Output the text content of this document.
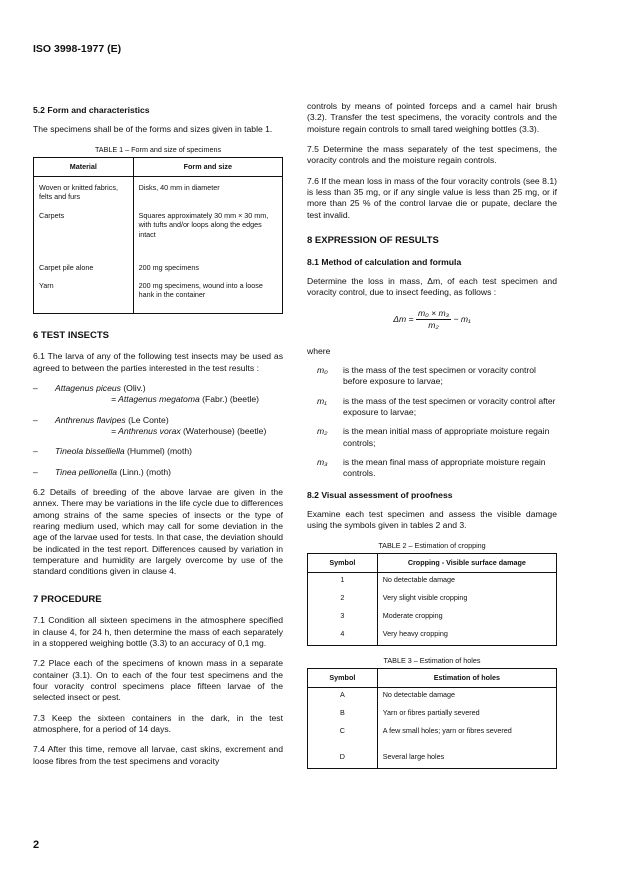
ISO 3998-1977 (E)
5.2 Form and characteristics

The specimens shall be of the forms and sizes given in table 1.

TABLE 1 – Form and size of specimens
Material	Form and size
Woven or knitted fabrics, felts and furs	Disks, 40 mm in diameter
Carpets	Squares approximately 30 mm × 30 mm, with tufts and/or loops along the edges intact
Carpet pile alone	200 mg specimens
Yarn	200 mg specimens, wound into a loose hank in the container
6 TEST INSECTS

6.1 The larva of any of the following test insects may be used as agreed to between the parties interested in the test results :

– Attagenus piceus (Oliv.)
= Attagenus megatoma (Fabr.) (beetle)
– Anthrenus flavipes (Le Conte)
= Anthrenus vorax (Waterhouse) (beetle)
– Tineola bisselliella (Hummel) (moth)
– Tinea pellionella (Linn.) (moth)

6.2 Details of breeding of the above larvae are given in the annex. There may be variations in the life cycle due to differences among strains of the same species of insects or the type of rearing medium used, which may call for some deviation in the age of the larvae used for tests. In that case, the deviation should be indicated in the test report. Differences caused by variation in temperature and humidity are largely overcome by use of the standard conditions given in clause 4.

7 PROCEDURE

7.1 Condition all sixteen specimens in the atmosphere specified in clause 4, for 24 h, then determine the mass of each separately in a stoppered weighing bottle (3.3) to an accuracy of 0,1 mg.

7.2 Place each of the specimens of known mass in a separate container (3.1). On to each of the four test specimens and the four voracity control specimens place fifteen larvae of the selected insect or pest.

7.3 Keep the sixteen containers in the dark, in the test atmosphere, for a period of 14 days.

7.4 After this time, remove all larvae, cast skins, excrement and loose fibres from the test specimens and voracity

controls by means of pointed forceps and a camel hair brush (3.2). Transfer the test specimens, the voracity controls and the moisture regain controls to small tared weighing bottles (3.3).

7.5 Determine the mass separately of the test specimens, the voracity controls and the moisture regain controls.

7.6 If the mean loss in mass of the four voracity controls (see 8.1) is less than 35 mg, or if any single value is less than 25 mg, or if more than 25 % of the control larvae die or pupate, declare the test invalid.

8 EXPRESSION OF RESULTS
8.1 Method of calculation and formula

Determine the loss in mass, Δm, of each test specimen and voracity control, due to insect feeding, as follows :

$\Delta m = \frac{\text{m₀ × m₃}}{\text{m₂}} - m_1$
where
m₀	is the mass of the test specimen or voracity control before exposure to larvae;
m₁	is the mass of the test specimen or voracity control after exposure to larvae;
m₂	is the mean initial mass of appropriate moisture regain controls;
m₃	is the mean final mass of appropriate moisture regain controls.
8.2 Visual assessment of proofness

Examine each test specimen and assess the visible damage using the symbols given in tables 2 and 3.

TABLE 2 – Estimation of cropping
Symbol	Cropping - Visible surface damage
1	No detectable damage
2	Very slight visible cropping
3	Moderate cropping
4	Very heavy cropping
TABLE 3 – Estimation of holes
Symbol	Estimation of holes
A	No detectable damage
B	Yarn or fibres partially severed
C	A few small holes; yarn or fibres severed
D	Several large holes
2
